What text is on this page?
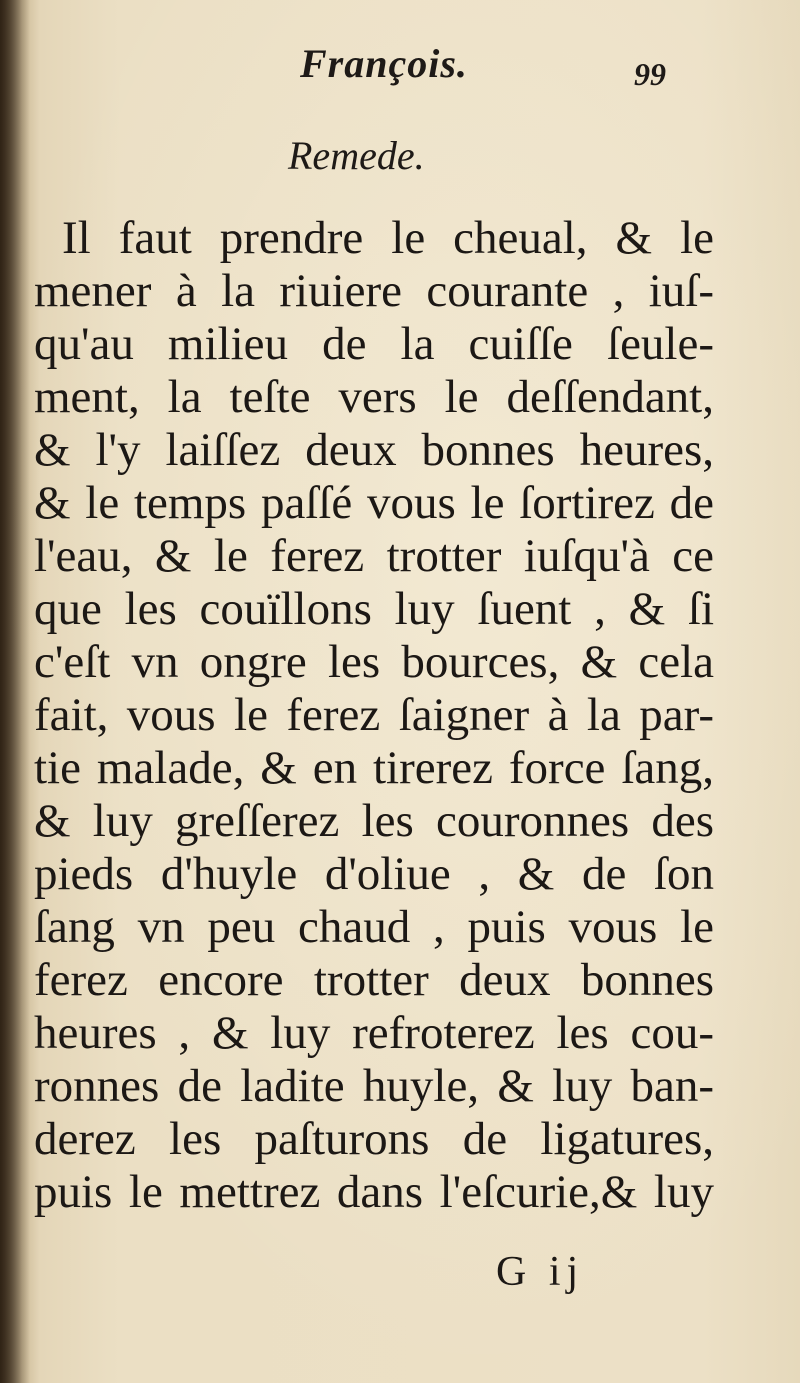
François.	99
Remede.
Il faut prendre le cheual, & le
mener à la riuiere courante , iuſ-
qu'au milieu de la cuiſſe ſeule-
ment, la teſte vers le deſſendant,
& l'y laiſſez deux bonnes heures,
& le temps paſſé vous le ſortirez de
l'eau, & le ferez trotter iuſqu'à ce
que les couïllons luy ſuent , & ſi
c'eſt vn ongre les bources, & cela
fait, vous le ferez ſaigner à la par-
tie malade, & en tirerez force ſang,
& luy greſſerez les couronnes des
pieds d'huyle d'oliue , & de ſon
ſang vn peu chaud , puis vous le
ferez encore trotter deux bonnes
heures , & luy refroterez les cou-
ronnes de ladite huyle, & luy ban-
derez les paſturons de ligatures,
puis le mettrez dans l'eſcurie,& luy
G ij
